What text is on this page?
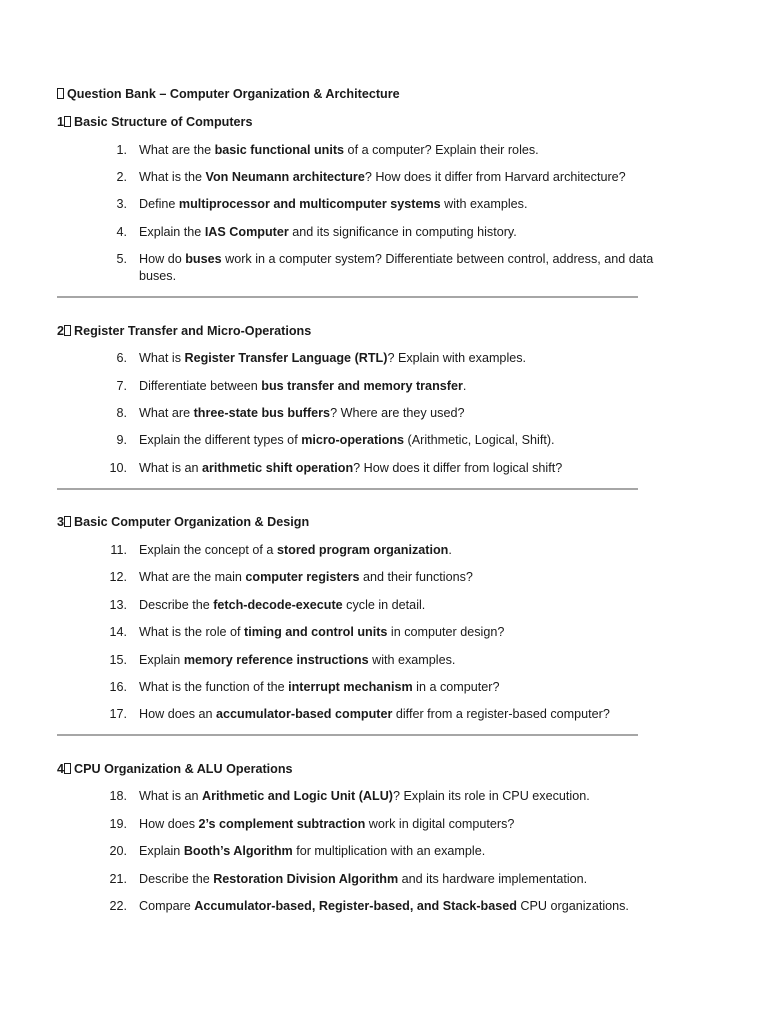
Question Bank – Computer Organization & Architecture
1 Basic Structure of Computers
1. What are the basic functional units of a computer? Explain their roles.
2. What is the Von Neumann architecture? How does it differ from Harvard architecture?
3. Define multiprocessor and multicomputer systems with examples.
4. Explain the IAS Computer and its significance in computing history.
5. How do buses work in a computer system? Differentiate between control, address, and data buses.
2 Register Transfer and Micro-Operations
6. What is Register Transfer Language (RTL)? Explain with examples.
7. Differentiate between bus transfer and memory transfer.
8. What are three-state bus buffers? Where are they used?
9. Explain the different types of micro-operations (Arithmetic, Logical, Shift).
10. What is an arithmetic shift operation? How does it differ from logical shift?
3 Basic Computer Organization & Design
11. Explain the concept of a stored program organization.
12. What are the main computer registers and their functions?
13. Describe the fetch-decode-execute cycle in detail.
14. What is the role of timing and control units in computer design?
15. Explain memory reference instructions with examples.
16. What is the function of the interrupt mechanism in a computer?
17. How does an accumulator-based computer differ from a register-based computer?
4 CPU Organization & ALU Operations
18. What is an Arithmetic and Logic Unit (ALU)? Explain its role in CPU execution.
19. How does 2’s complement subtraction work in digital computers?
20. Explain Booth’s Algorithm for multiplication with an example.
21. Describe the Restoration Division Algorithm and its hardware implementation.
22. Compare Accumulator-based, Register-based, and Stack-based CPU organizations.
